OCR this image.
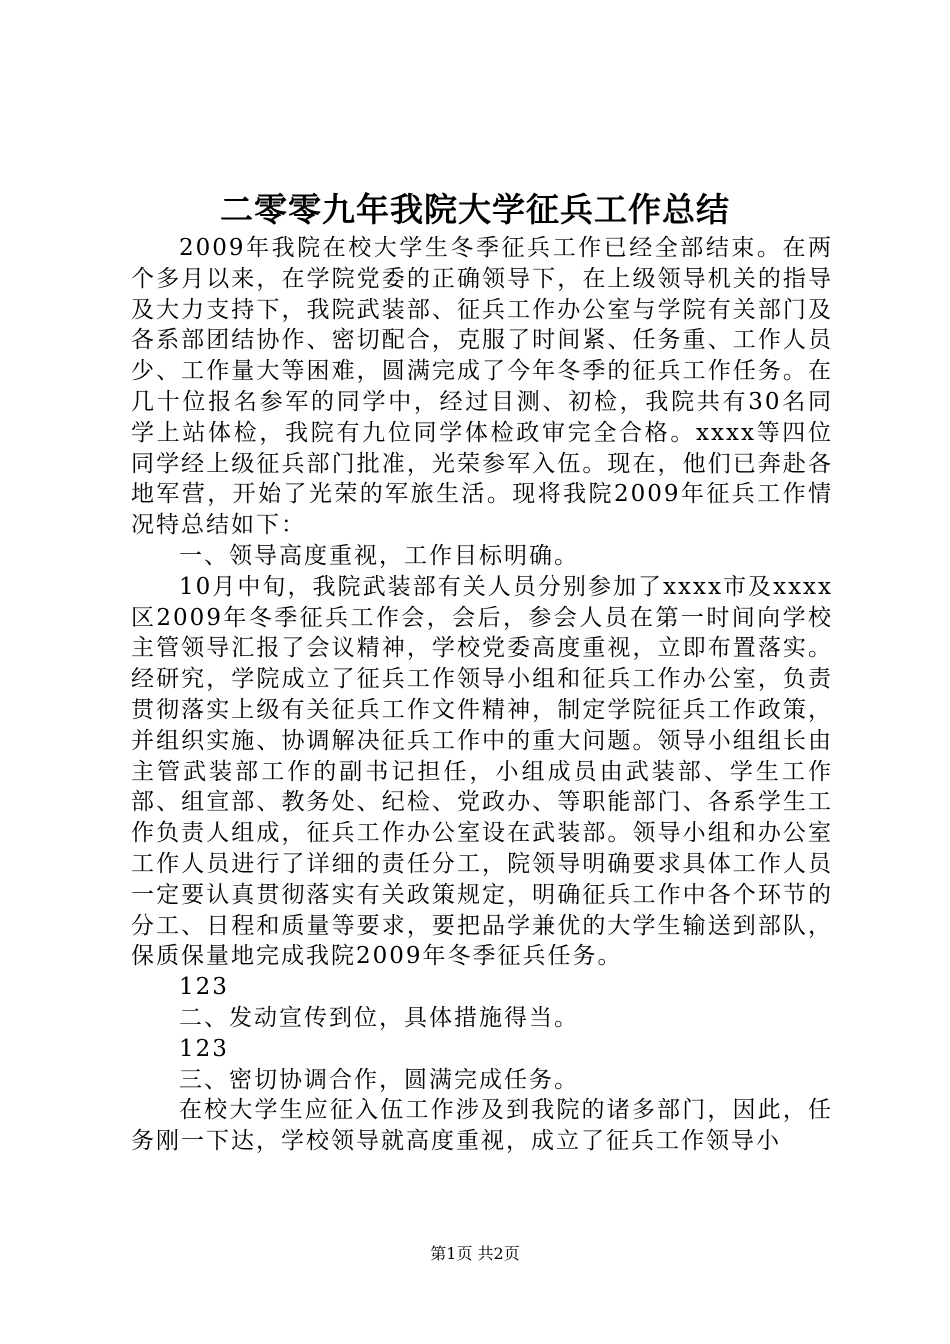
二零零九年我院大学征兵工作总结

2009年我院在校大学生冬季征兵工作已经全部结束。在两个多月以来，在学院党委的正确领导下，在上级领导机关的指导及大力支持下，我院武装部、征兵工作办公室与学院有关部门及各系部团结协作、密切配合，克服了时间紧、任务重、工作人员少、工作量大等困难，圆满完成了今年冬季的征兵工作任务。在几十位报名参军的同学中，经过目测、初检，我院共有30名同学上站体检，我院有九位同学体检政审完全合格。xxxx等四位同学经上级征兵部门批准，光荣参军入伍。现在，他们已奔赴各地军营，开始了光荣的军旅生活。现将我院2009年征兵工作情况特总结如下：

一、领导高度重视，工作目标明确。

10月中旬，我院武装部有关人员分别参加了xxxx市及xxxx区2009年冬季征兵工作会，会后，参会人员在第一时间向学校主管领导汇报了会议精神，学校党委高度重视，立即布置落实。经研究，学院成立了征兵工作领导小组和征兵工作办公室，负责贯彻落实上级有关征兵工作文件精神，制定学院征兵工作政策，并组织实施、协调解决征兵工作中的重大问题。领导小组组长由主管武装部工作的副书记担任，小组成员由武装部、学生工作部、组宣部、教务处、纪检、党政办、等职能部门、各系学生工作负责人组成，征兵工作办公室设在武装部。领导小组和办公室工作人员进行了详细的责任分工，院领导明确要求具体工作人员一定要认真贯彻落实有关政策规定，明确征兵工作中各个环节的分工、日程和质量等要求，要把品学兼优的大学生输送到部队，保质保量地完成我院2009年冬季征兵任务。

123

二、发动宣传到位，具体措施得当。

123

三、密切协调合作，圆满完成任务。

在校大学生应征入伍工作涉及到我院的诸多部门，因此，任务刚一下达，学校领导就高度重视，成立了征兵工作领导小

第1页 共2页
